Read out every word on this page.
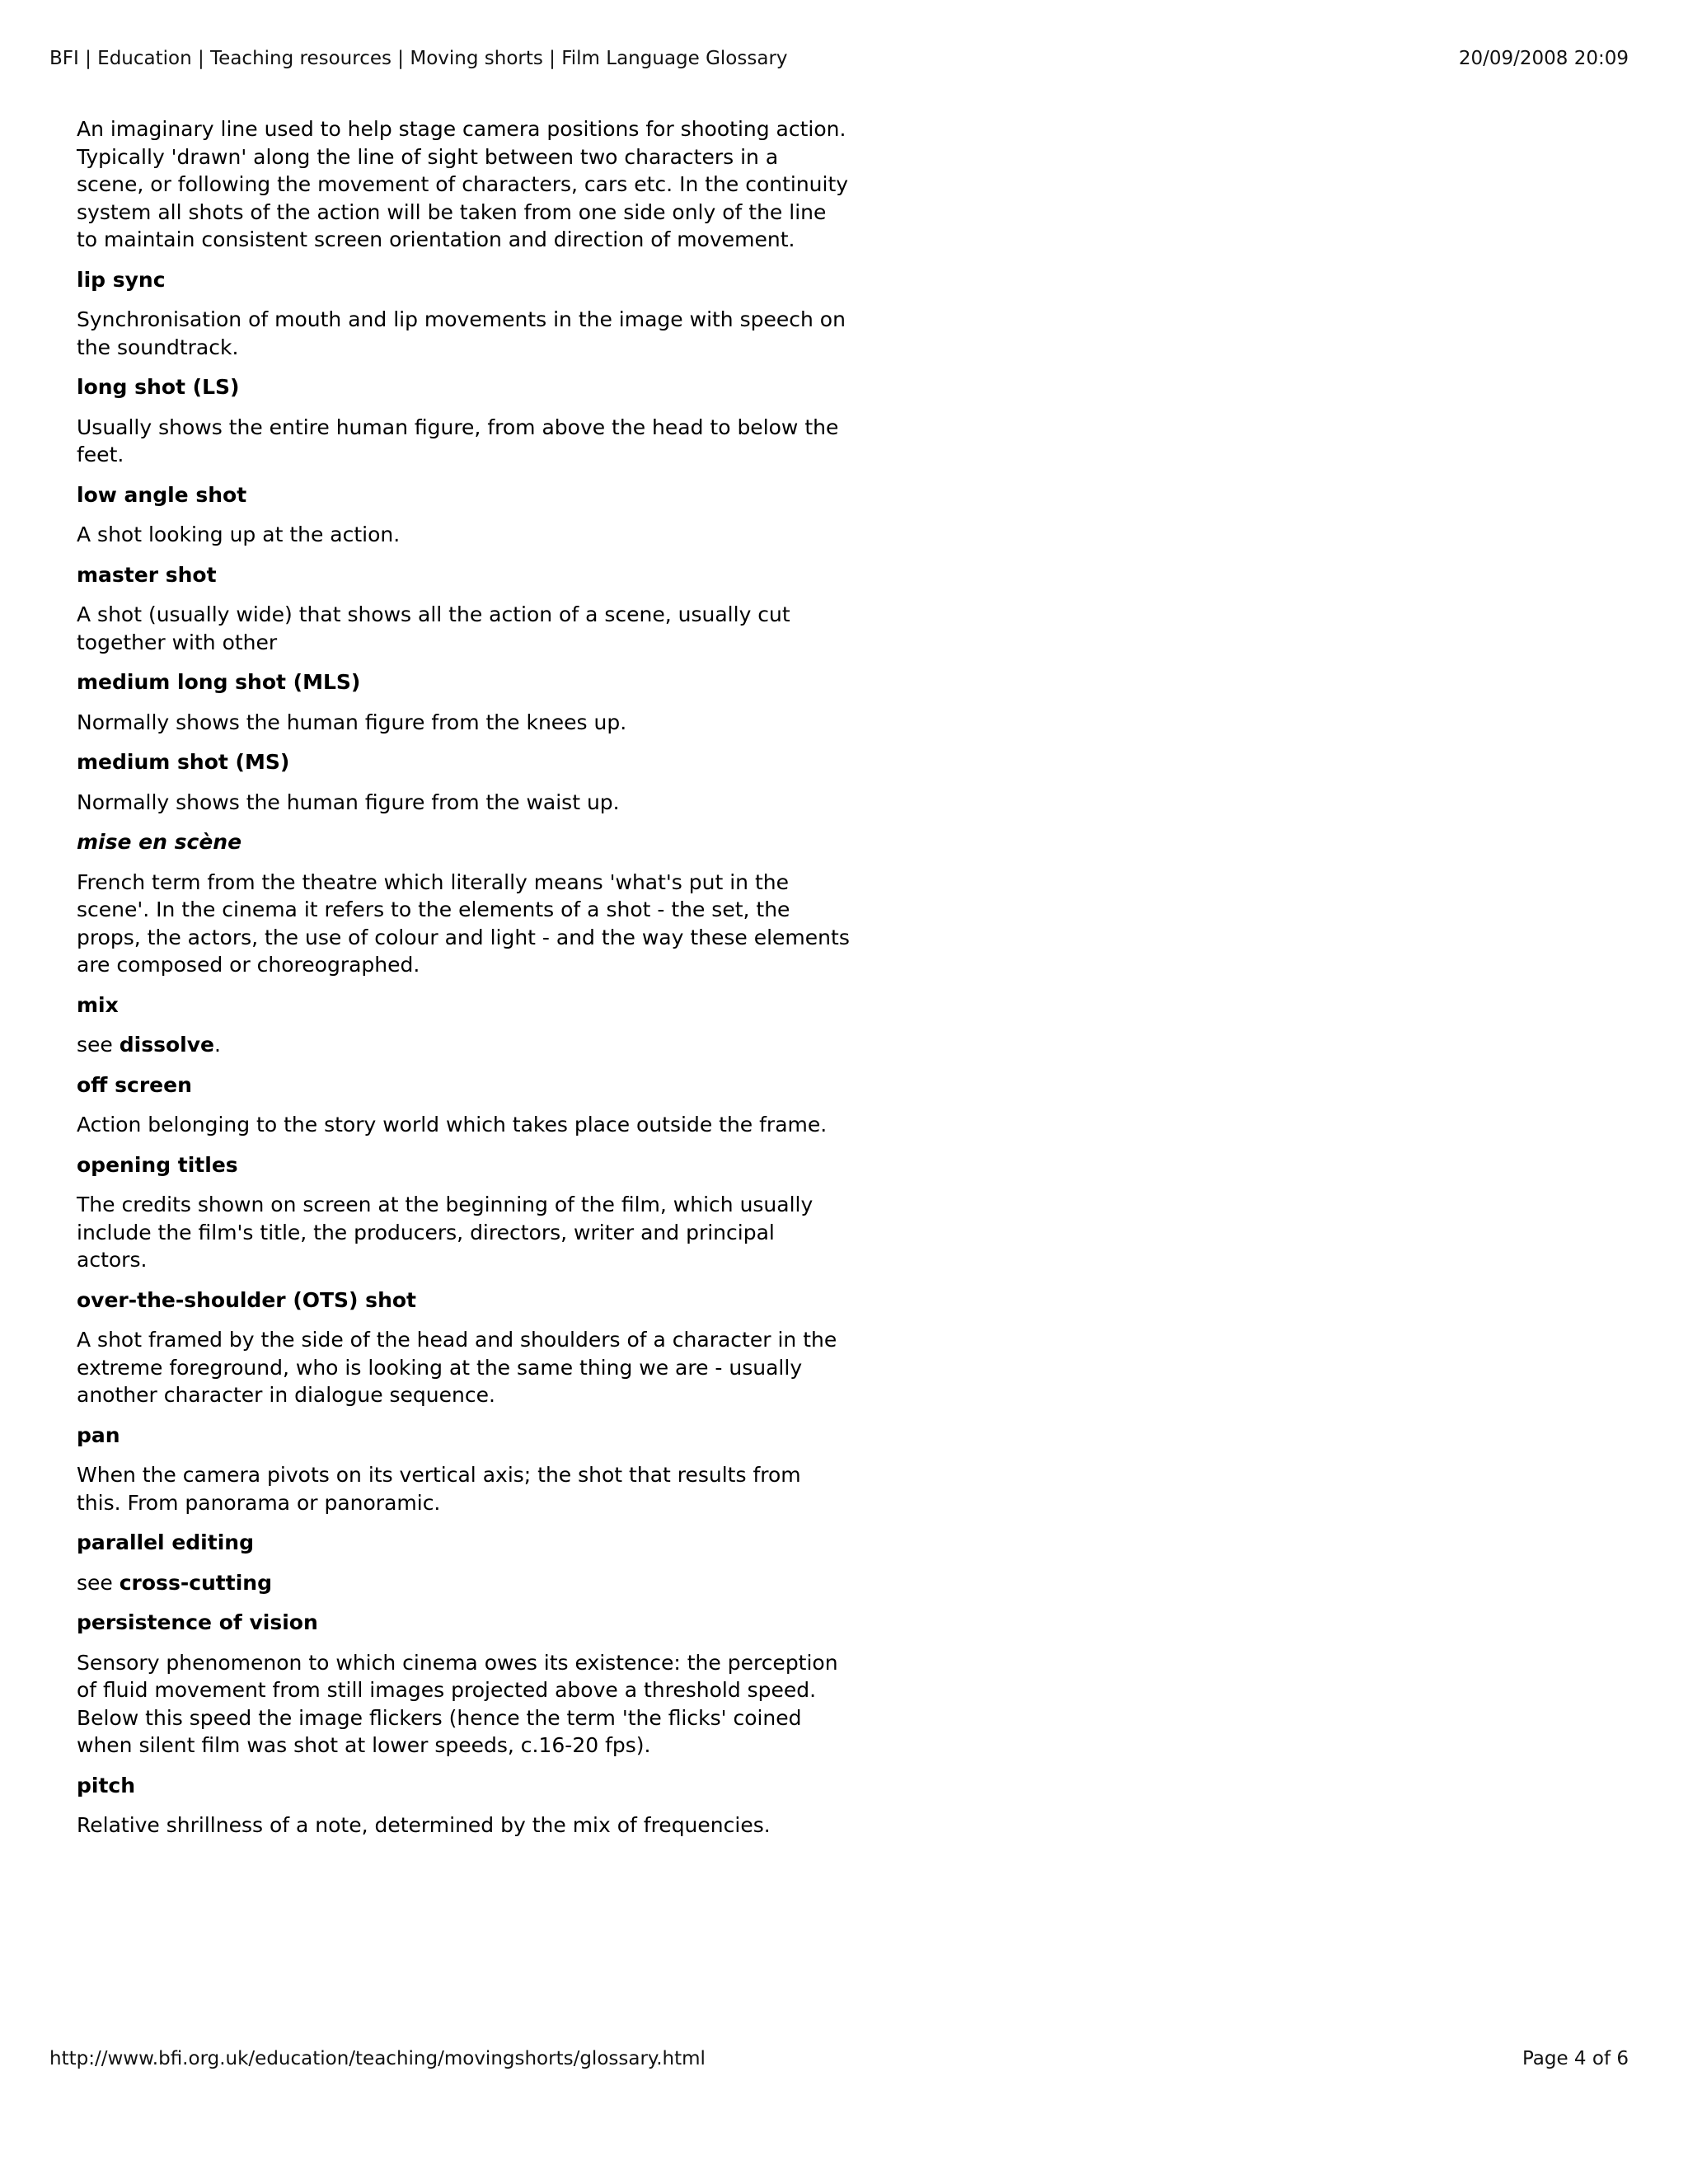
BFI | Education | Teaching resources | Moving shorts | Film Language Glossary	20/09/2008 20:09

An imaginary line used to help stage camera positions for shooting action. Typically 'drawn' along the line of sight between two characters in a scene, or following the movement of characters, cars etc. In the continuity system all shots of the action will be taken from one side only of the line to maintain consistent screen orientation and direction of movement.

lip sync

Synchronisation of mouth and lip movements in the image with speech on the soundtrack.

long shot (LS)

Usually shows the entire human figure, from above the head to below the feet.

low angle shot

A shot looking up at the action.

master shot

A shot (usually wide) that shows all the action of a scene, usually cut together with other

medium long shot (MLS)

Normally shows the human figure from the knees up.

medium shot (MS)

Normally shows the human figure from the waist up.

mise en scène

French term from the theatre which literally means 'what's put in the scene'. In the cinema it refers to the elements of a shot - the set, the props, the actors, the use of colour and light - and the way these elements are composed or choreographed.

mix

see dissolve.

off screen

Action belonging to the story world which takes place outside the frame.

opening titles

The credits shown on screen at the beginning of the film, which usually include the film's title, the producers, directors, writer and principal actors.

over-the-shoulder (OTS) shot

A shot framed by the side of the head and shoulders of a character in the extreme foreground, who is looking at the same thing we are - usually another character in dialogue sequence.

pan

When the camera pivots on its vertical axis; the shot that results from this. From panorama or panoramic.

parallel editing

see cross-cutting

persistence of vision

Sensory phenomenon to which cinema owes its existence: the perception of fluid movement from still images projected above a threshold speed. Below this speed the image flickers (hence the term 'the flicks' coined when silent film was shot at lower speeds, c.16-20 fps).

pitch

Relative shrillness of a note, determined by the mix of frequencies.

http://www.bfi.org.uk/education/teaching/movingshorts/glossary.html	Page 4 of 6
